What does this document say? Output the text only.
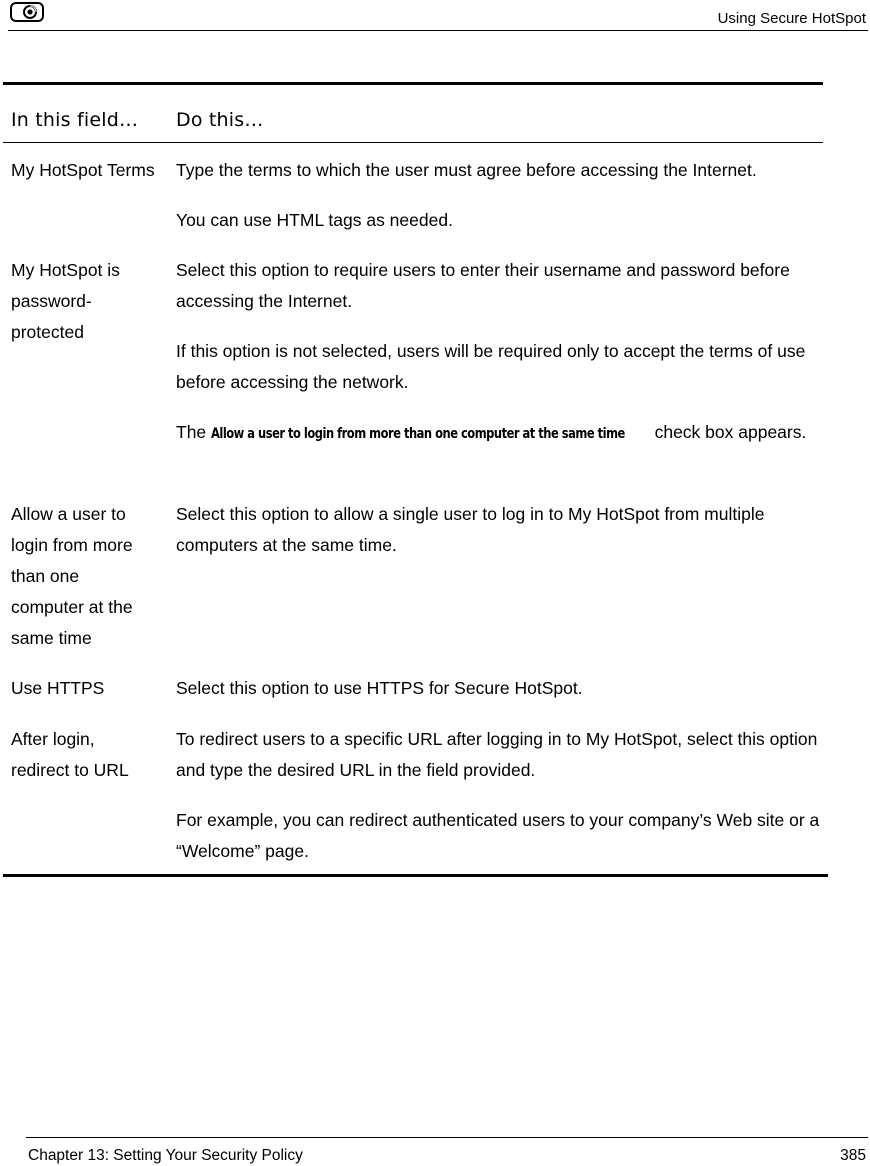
Using Secure HotSpot
In this field… Do this…
My HotSpot Terms Type the terms to which the user must agree before accessing the Internet.

You can use HTML tags as needed.

My HotSpot is password-protected

Select this option to require users to enter their username and password before accessing the Internet.

If this option is not selected, users will be required only to accept the terms of use before accessing the network.

The Allow a user to login from more than one computer at the same time check box appears.

Allow a user to login from more than one computer at the same time

Select this option to allow a single user to log in to My HotSpot from multiple computers at the same time.

Use HTTPS	Select this option to use HTTPS for Secure HotSpot.

After login, redirect to URL

To redirect users to a specific URL after logging in to My HotSpot, select this option and type the desired URL in the field provided.

For example, you can redirect authenticated users to your company’s Web site or a “Welcome” page.

Chapter 13: Setting Your Security Policy	385
